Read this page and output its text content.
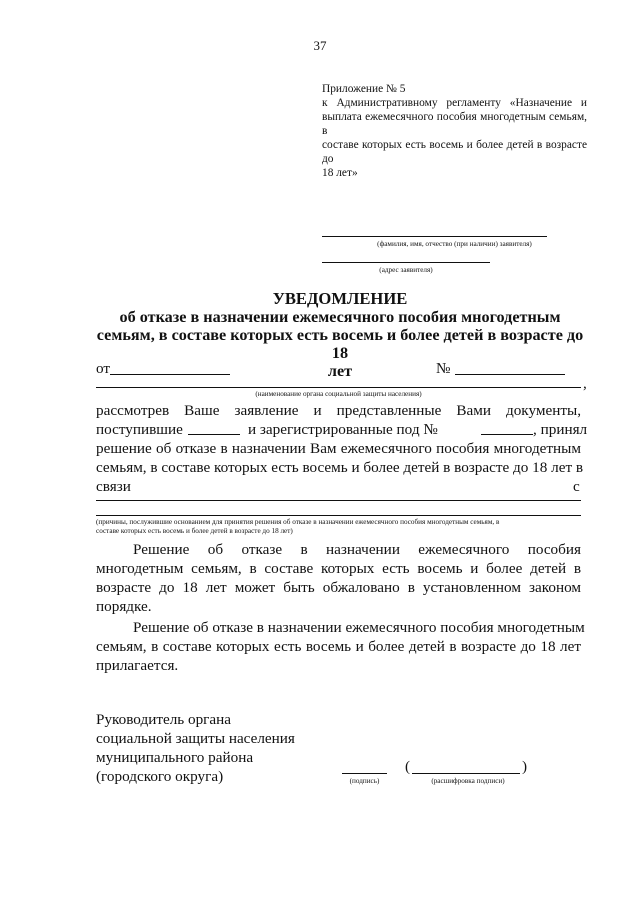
37
Приложение № 5
к Административному регламенту «Назначение и
выплата ежемесячного пособия многодетным семьям, в
составе которых есть восемь и более детей в возрасте до
18 лет»
(фамилия, имя, отчество (при наличии) заявителя)
(адрес заявителя)
УВЕДОМЛЕНИЕ
об отказе в назначении ежемесячного пособия многодетным
семьям, в составе которых есть восемь и более детей в возрасте до 18
лет
от	№
,
(наименование органа социальной защиты населения)
рассмотрев Ваше заявление и представленные Вами документы,
поступившие	и зарегистрированные под №	, принял
решение об отказе в назначении Вам ежемесячного пособия многодетным
семьям, в составе которых есть восемь и более детей в возрасте до 18 лет в
связи	с
(причины, послужившие основанием для принятия решения об отказе в назначении ежемесячного пособия многодетным семьям, в
составе которых есть восемь и более детей в возрасте до 18 лет)
Решение об отказе в назначении ежемесячного пособия
многодетным семьям, в составе которых есть восемь и более детей в
возрасте до 18 лет может быть обжаловано в установленном законом
порядке.
Решение об отказе в назначении ежемесячного пособия многодетным
семьям, в составе которых есть восемь и более детей в возрасте до 18 лет
прилагается.
Руководитель органа
социальной защиты населения
муниципального района
(городского округа)	(подпись)
(	)
(расшифровка подписи)
